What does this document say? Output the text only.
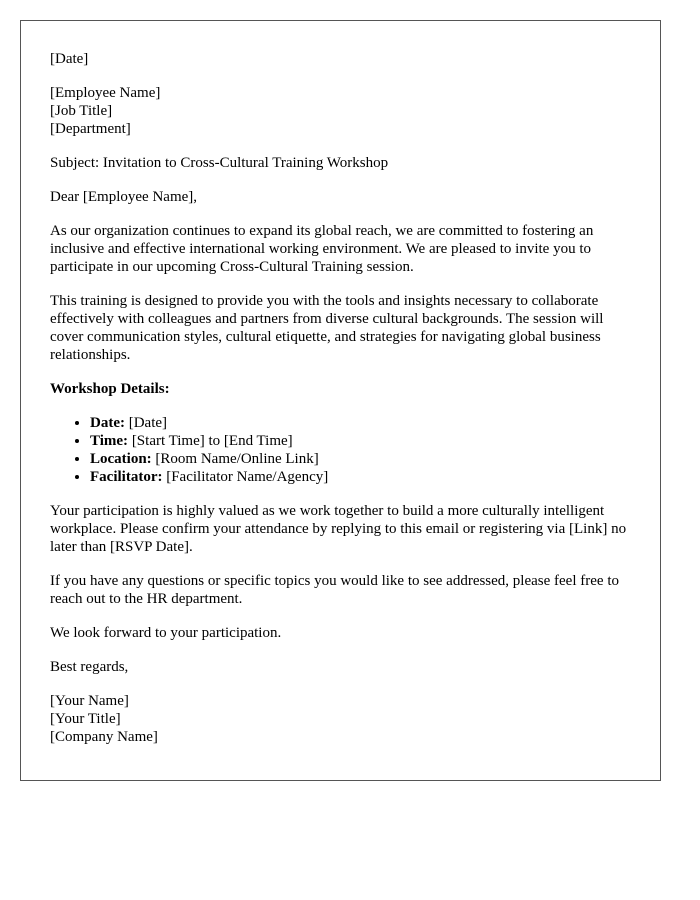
[Date]

[Employee Name]
[Job Title]
[Department]

Subject: Invitation to Cross-Cultural Training Workshop

Dear [Employee Name],

As our organization continues to expand its global reach, we are committed to fostering an inclusive and effective international working environment. We are pleased to invite you to participate in our upcoming Cross-Cultural Training session.

This training is designed to provide you with the tools and insights necessary to collaborate effectively with colleagues and partners from diverse cultural backgrounds. The session will cover communication styles, cultural etiquette, and strategies for navigating global business relationships.

Workshop Details:

• Date: [Date]
• Time: [Start Time] to [End Time]
• Location: [Room Name/Online Link]
• Facilitator: [Facilitator Name/Agency]

Your participation is highly valued as we work together to build a more culturally intelligent workplace. Please confirm your attendance by replying to this email or registering via [Link] no later than [RSVP Date].

If you have any questions or specific topics you would like to see addressed, please feel free to reach out to the HR department.

We look forward to your participation.

Best regards,

[Your Name]
[Your Title]
[Company Name]
